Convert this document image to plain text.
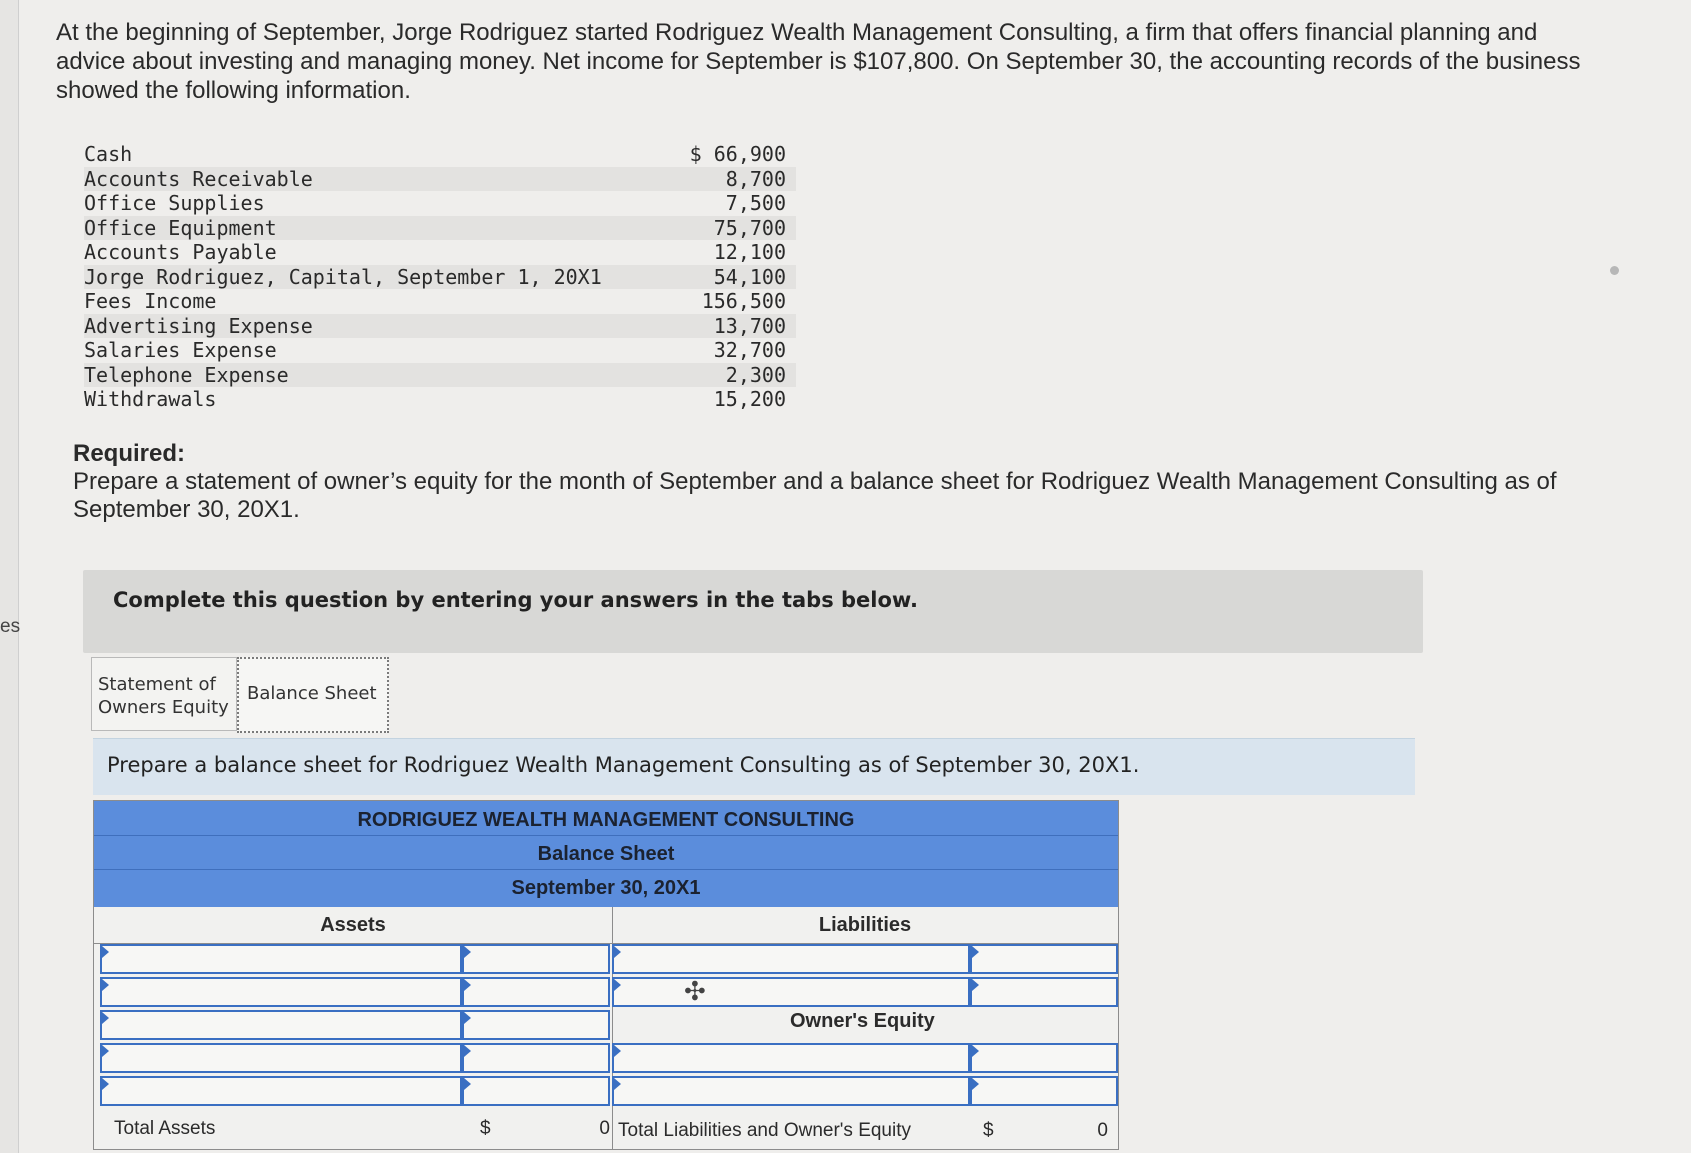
es
At the beginning of September, Jorge Rodriguez started Rodriguez Wealth Management Consulting, a firm that offers financial planning and advice about investing and managing money. Net income for September is $107,800. On September 30, the accounting records of the business showed the following information.
Cash	$ 66,900
Accounts Receivable	8,700
Office Supplies	7,500
Office Equipment	75,700
Accounts Payable	12,100
Jorge Rodriguez, Capital, September 1, 20X1	54,100
Fees Income	156,500
Advertising Expense	13,700
Salaries Expense	32,700
Telephone Expense	2,300
Withdrawals	15,200
Required:
Prepare a statement of owner’s equity for the month of September and a balance sheet for Rodriguez Wealth Management Consulting as of September 30, 20X1.
Complete this question by entering your answers in the tabs below.
Statement of Owners Equity
Balance Sheet
Prepare a balance sheet for Rodriguez Wealth Management Consulting as of September 30, 20X1.
RODRIGUEZ WEALTH MANAGEMENT CONSULTING
Balance Sheet
September 30, 20X1
Assets	Liabilities
Owner's Equity
Total Assets	$	0 Total Liabilities and Owner's Equity	$	0
✣
